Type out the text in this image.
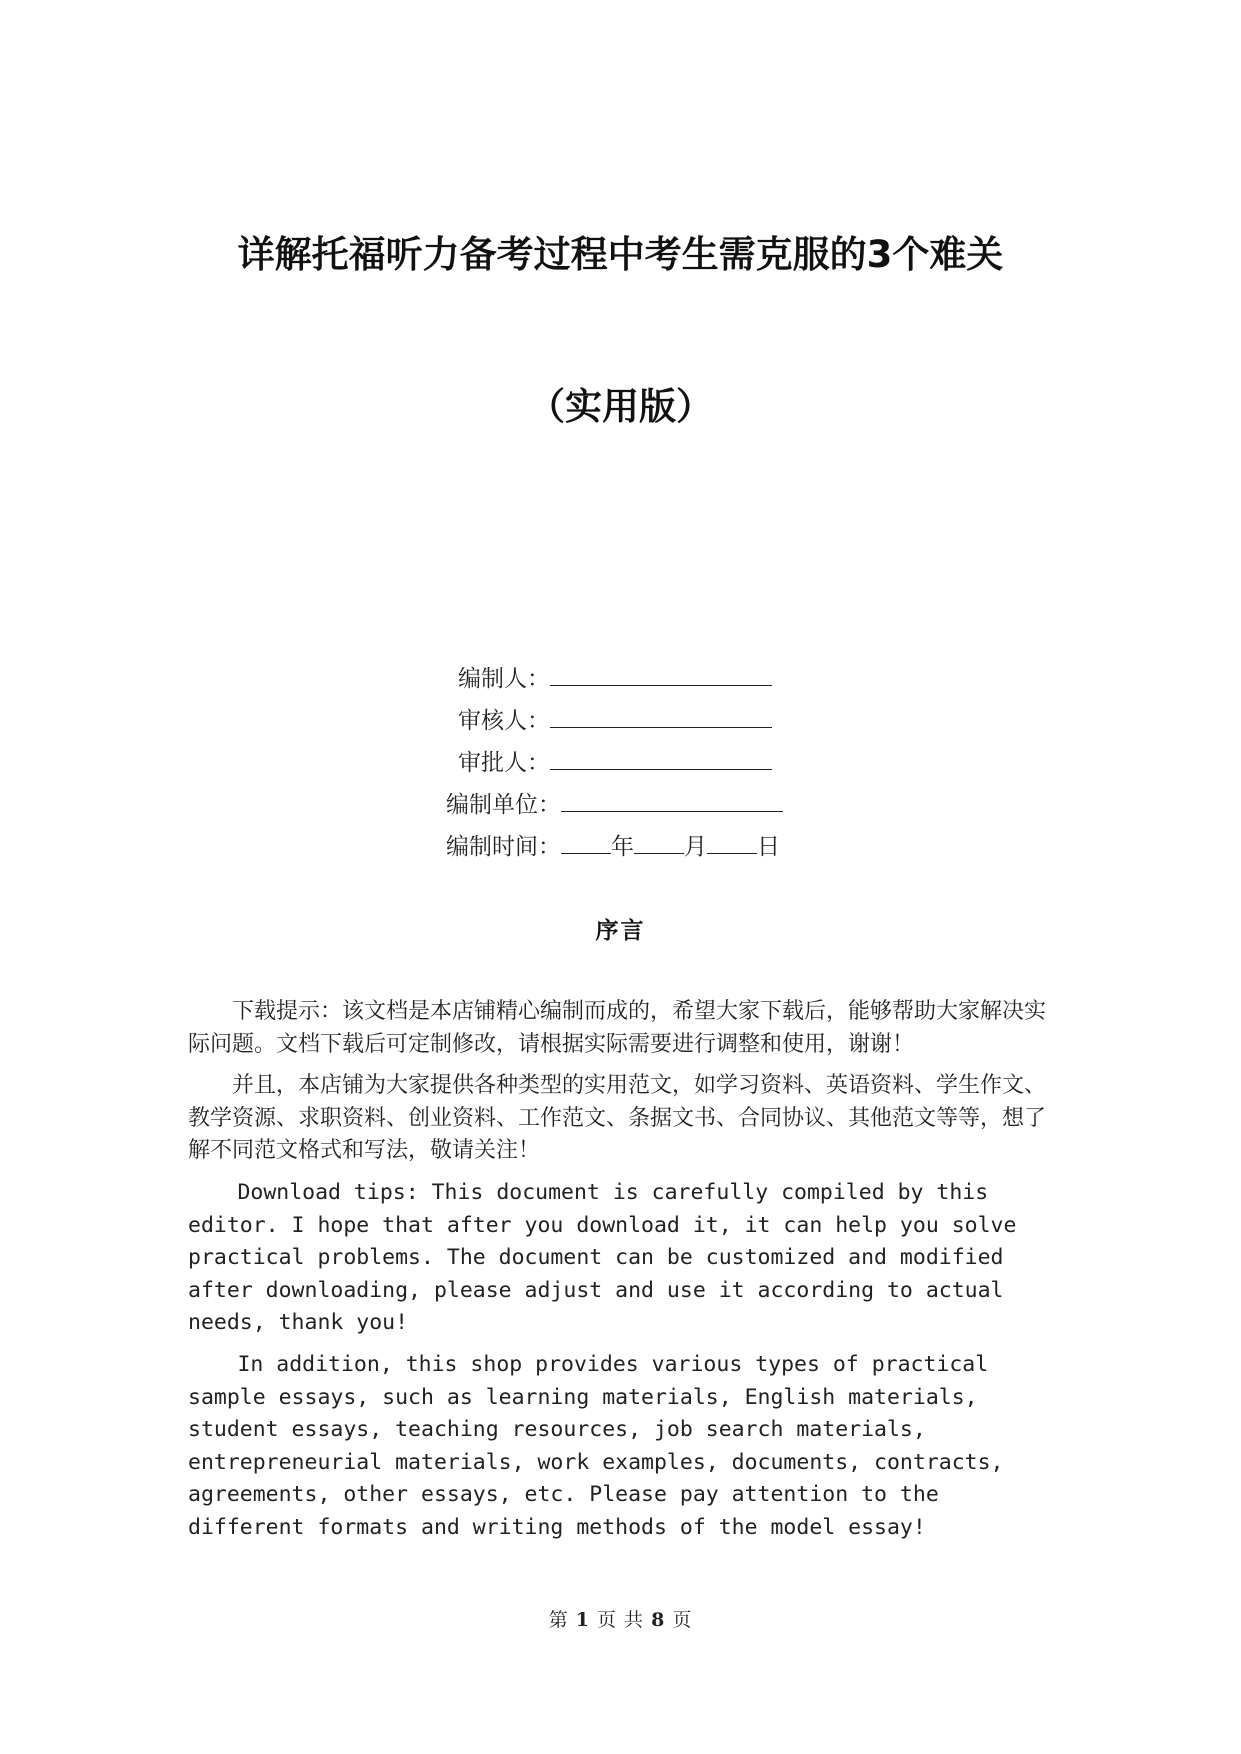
详解托福听力备考过程中考生需克服的3个难关
（实用版）
编制人：
审核人：
审批人：
编制单位：
编制时间： 年 月 日
序言

下载提示：该文档是本店铺精心编制而成的，希望大家下载后，能够帮助大家解决实际问题。文档下载后可定制修改，请根据实际需要进行调整和使用，谢谢！

并且，本店铺为大家提供各种类型的实用范文，如学习资料、英语资料、学生作文、教学资源、求职资料、创业资料、工作范文、条据文书、合同协议、其他范文等等，想了解不同范文格式和写法，敬请关注！

Download tips: This document is carefully compiled by this editor. I hope that after you download it, it can help you solve practical problems. The document can be customized and modified after downloading, please adjust and use it according to actual needs, thank you!

In addition, this shop provides various types of practical sample essays, such as learning materials, English materials, student essays, teaching resources, job search materials, entrepreneurial materials, work examples, documents, contracts, agreements, other essays, etc. Please pay attention to the different formats and writing methods of the model essay!

第 1 页 共 8 页
